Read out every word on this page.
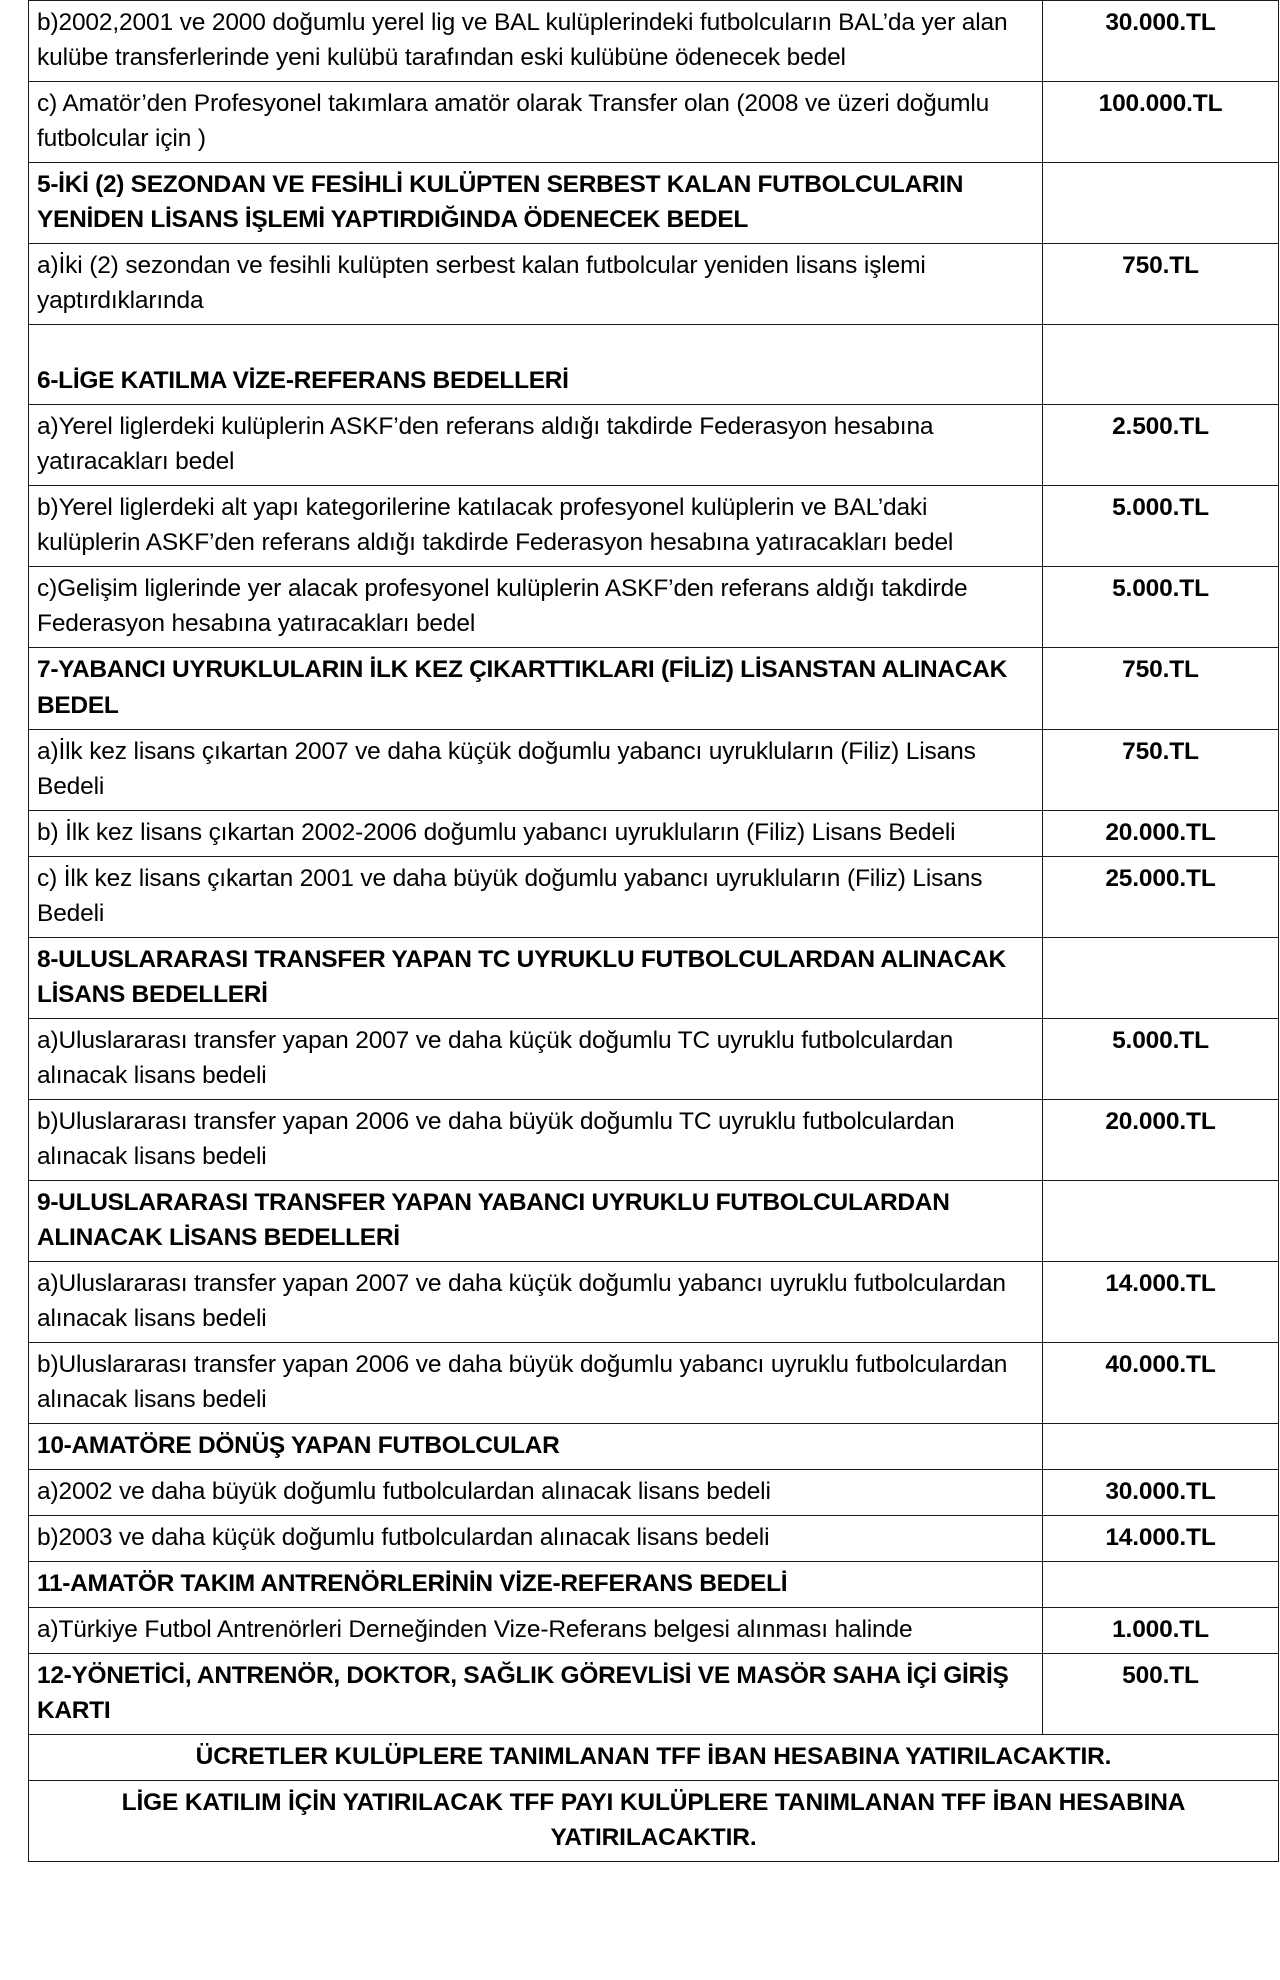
b)2002,2001 ve 2000 doğumlu yerel lig ve BAL kulüplerindeki futbolcuların BAL’da yer alan kulübe transferlerinde yeni kulübü tarafından eski kulübüne ödenecek bedel	30.000.TL
c) Amatör’den Profesyonel takımlara amatör olarak Transfer olan (2008 ve üzeri doğumlu futbolcular için )	100.000.TL
5-İKİ (2) SEZONDAN VE FESİHLİ KULÜPTEN SERBEST KALAN FUTBOLCULARIN YENİDEN LİSANS İŞLEMİ YAPTIRDIĞINDA ÖDENECEK BEDEL	
a)İki (2) sezondan ve fesihli kulüpten serbest kalan futbolcular yeniden lisans işlemi yaptırdıklarında	750.TL

6-LİGE KATILMA VİZE-REFERANS BEDELLERİ	
a)Yerel liglerdeki kulüplerin ASKF’den referans aldığı takdirde Federasyon hesabına yatıracakları bedel	2.500.TL
b)Yerel liglerdeki alt yapı kategorilerine katılacak profesyonel kulüplerin ve BAL’daki kulüplerin ASKF’den referans aldığı takdirde Federasyon hesabına yatıracakları bedel	5.000.TL
c)Gelişim liglerinde yer alacak profesyonel kulüplerin ASKF’den referans aldığı takdirde Federasyon hesabına yatıracakları bedel	5.000.TL
7-YABANCI UYRUKLULARIN İLK KEZ ÇIKARTTIKLARI (FİLİZ) LİSANSTAN ALINACAK BEDEL	750.TL
a)İlk kez lisans çıkartan 2007 ve daha küçük doğumlu yabancı uyrukluların (Filiz) Lisans Bedeli	750.TL
b) İlk kez lisans çıkartan 2002-2006 doğumlu yabancı uyrukluların (Filiz) Lisans Bedeli	20.000.TL
c) İlk kez lisans çıkartan 2001 ve daha büyük doğumlu yabancı uyrukluların (Filiz) Lisans Bedeli	25.000.TL
8-ULUSLARARASI TRANSFER YAPAN TC UYRUKLU FUTBOLCULARDAN ALINACAK LİSANS BEDELLERİ	
a)Uluslararası transfer yapan 2007 ve daha küçük doğumlu TC uyruklu futbolculardan alınacak lisans bedeli	5.000.TL
b)Uluslararası transfer yapan 2006 ve daha büyük doğumlu TC uyruklu futbolculardan alınacak lisans bedeli	20.000.TL
9-ULUSLARARASI TRANSFER YAPAN YABANCI UYRUKLU FUTBOLCULARDAN ALINACAK LİSANS BEDELLERİ	
a)Uluslararası transfer yapan 2007 ve daha küçük doğumlu yabancı uyruklu futbolculardan alınacak lisans bedeli	14.000.TL
b)Uluslararası transfer yapan 2006 ve daha büyük doğumlu yabancı uyruklu futbolculardan alınacak lisans bedeli	40.000.TL
10-AMATÖRE DÖNÜŞ YAPAN FUTBOLCULAR	
a)2002 ve daha büyük doğumlu futbolculardan alınacak lisans bedeli	30.000.TL
b)2003 ve daha küçük doğumlu futbolculardan alınacak lisans bedeli	14.000.TL
11-AMATÖR TAKIM ANTRENÖRLERİNİN VİZE-REFERANS BEDELİ	
a)Türkiye Futbol Antrenörleri Derneğinden Vize-Referans belgesi alınması halinde	1.000.TL
12-YÖNETİCİ, ANTRENÖR, DOKTOR, SAĞLIK GÖREVLİSİ VE MASÖR SAHA İÇİ GİRİŞ KARTI	500.TL
ÜCRETLER KULÜPLERE TANIMLANAN TFF İBAN HESABINA YATIRILACAKTIR.	
LİGE KATILIM İÇİN YATIRILACAK TFF PAYI KULÜPLERE TANIMLANAN TFF İBAN HESABINA YATIRILACAKTIR.	
